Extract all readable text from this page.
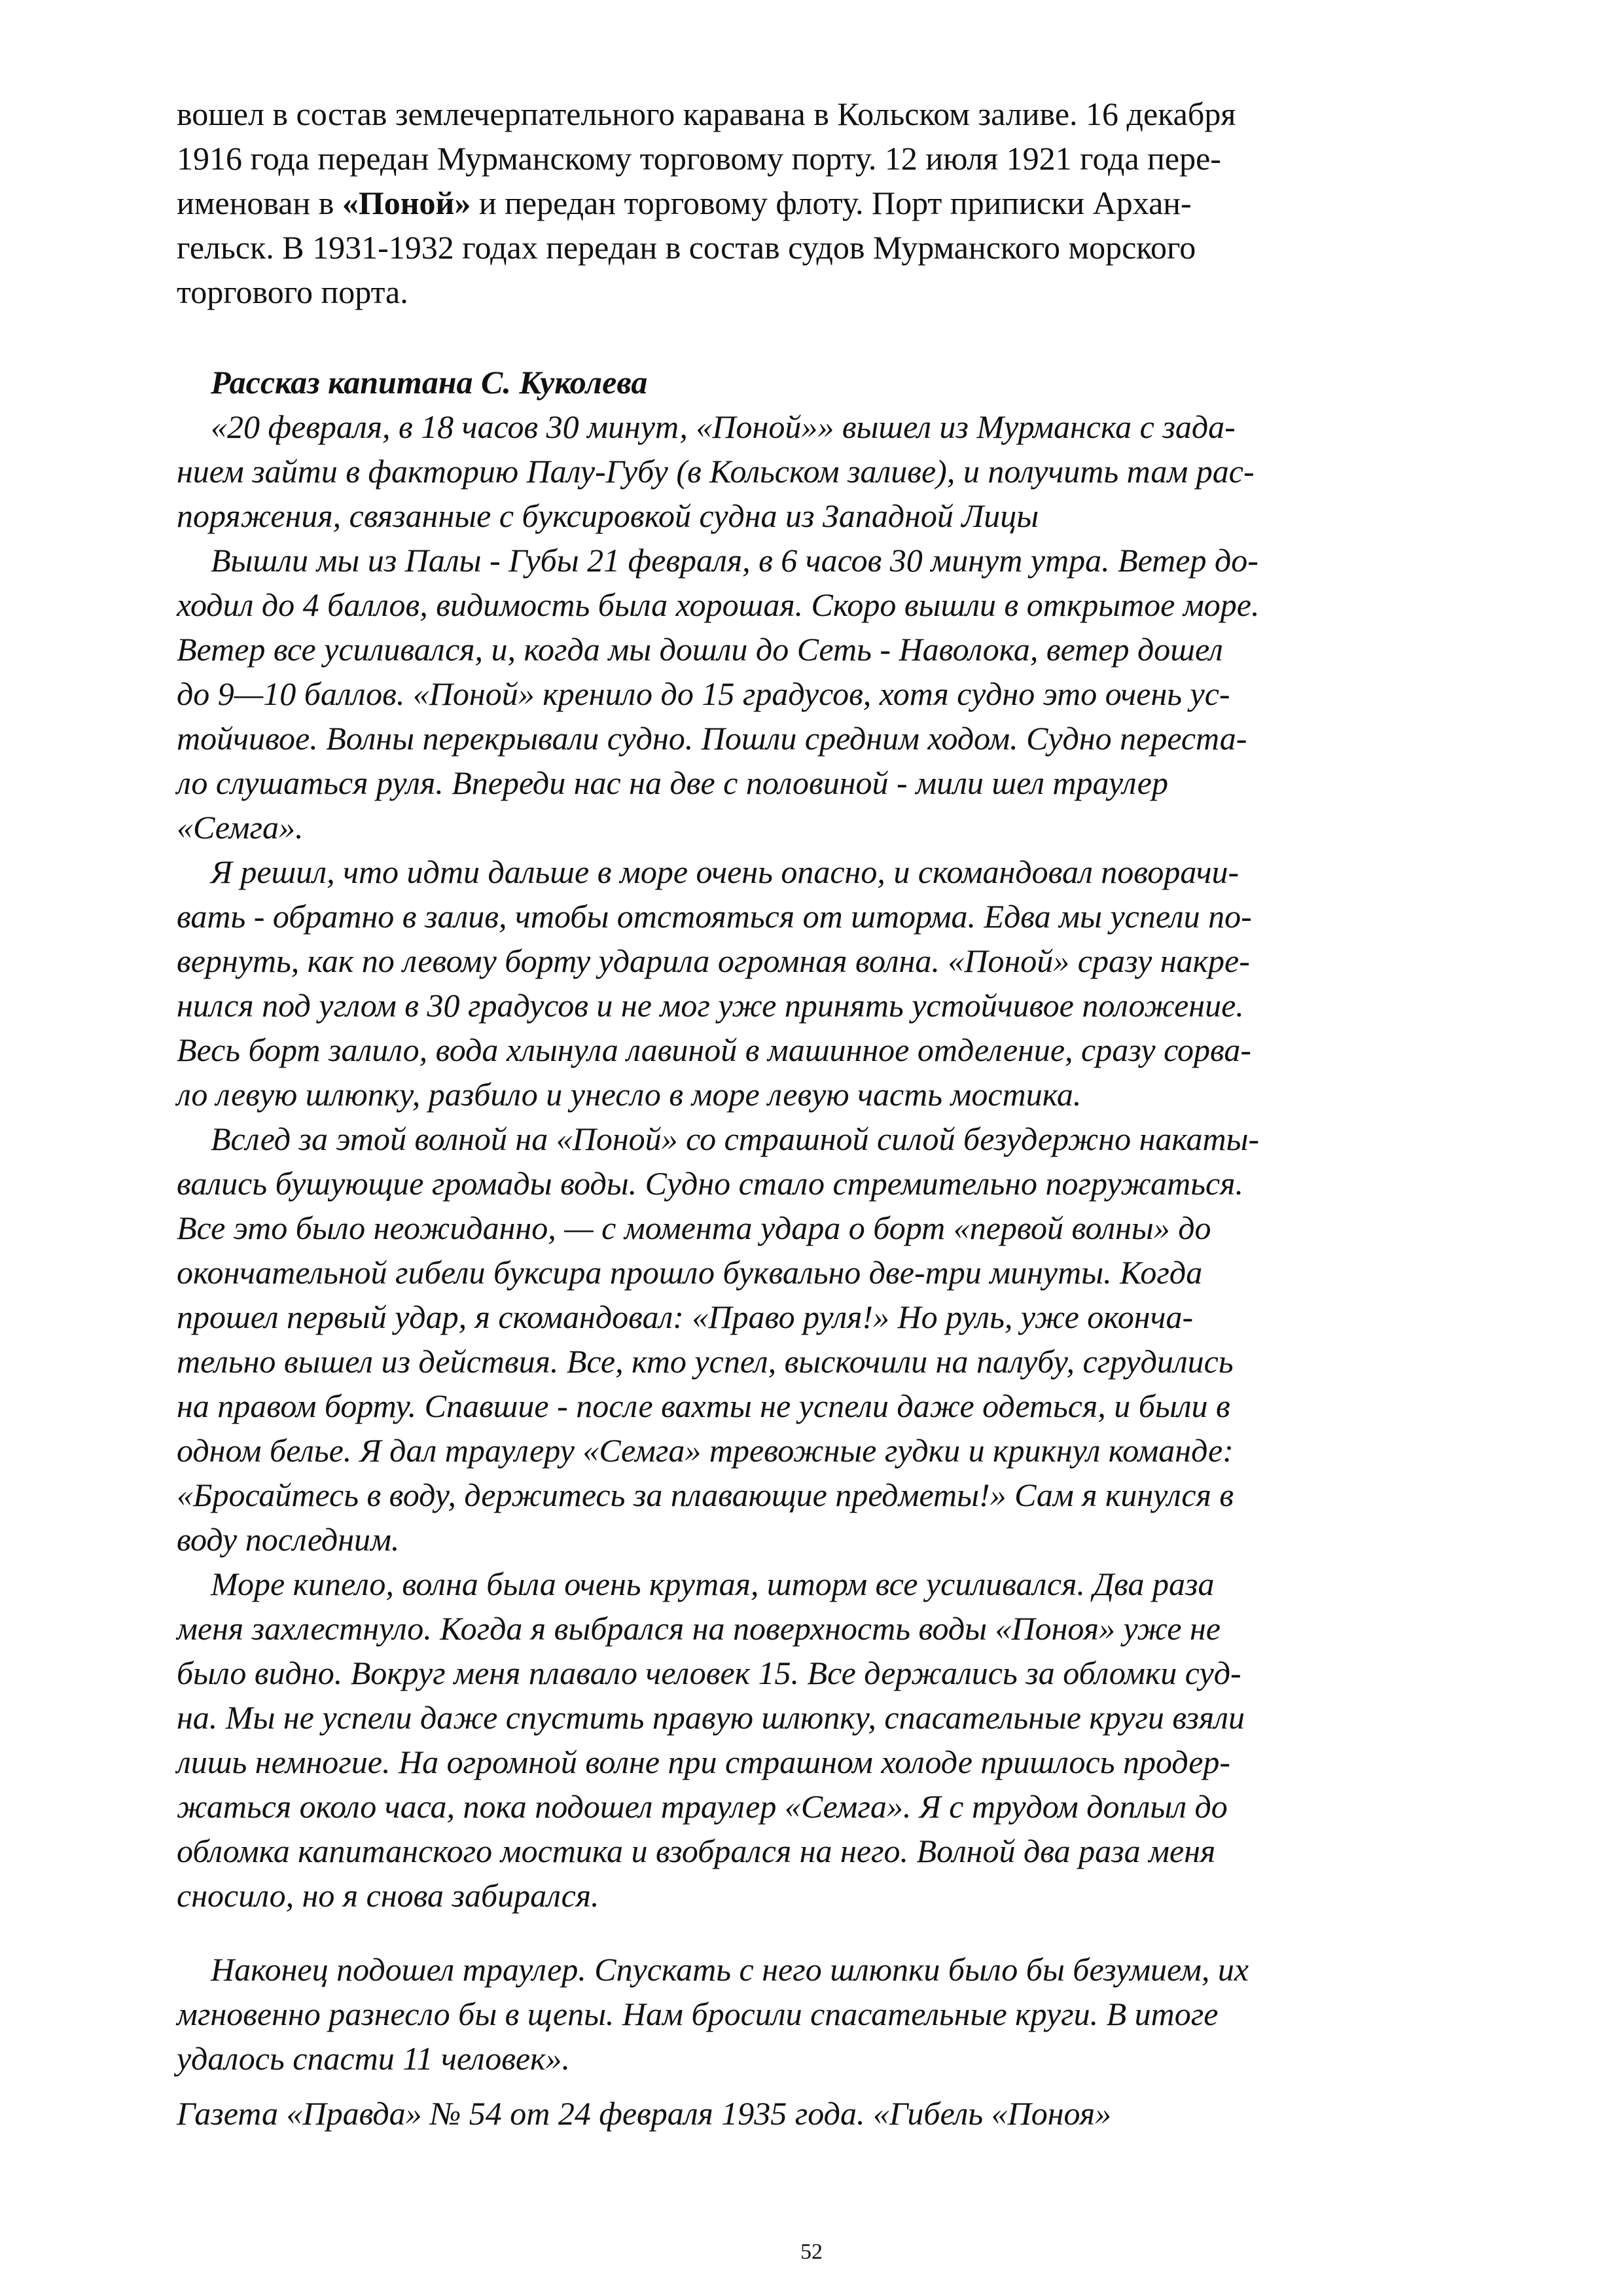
вошел в состав землечерпательного каравана в Кольском заливе. 16 декабря
1916 года передан Мурманскому торговому порту. 12 июля 1921 года пере-
именован в «Поной» и передан торговому флоту. Порт приписки Архан-
гельск. В 1931-1932 годах передан в состав судов Мурманского морского
торгового порта.
Рассказ капитана С. Куколева
«20 февраля, в 18 часов 30 минут, «Поной»» вышел из Мурманска с зада-
нием зайти в факторию Палу-Губу (в Кольском заливе), и получить там рас-
поряжения, связанные с буксировкой судна из Западной Лицы
Вышли мы из Палы - Губы 21 февраля, в 6 часов 30 минут утра. Ветер до-
ходил до 4 баллов, видимость была хорошая. Скоро вышли в открытое море.
Ветер все усиливался, и, когда мы дошли до Сеть - Наволока, ветер дошел
до 9—10 баллов. «Поной» кренило до 15 градусов, хотя судно это очень ус-
тойчивое. Волны перекрывали судно. Пошли средним ходом. Судно переста-
ло слушаться руля. Впереди нас на две с половиной - мили шел траулер
«Семга».
Я решил, что идти дальше в море очень опасно, и скомандовал поворачи-
вать - обратно в залив, чтобы отстояться от шторма. Едва мы успели по-
вернуть, как по левому борту ударила огромная волна. «Поной» сразу накре-
нился под углом в 30 градусов и не мог уже принять устойчивое положение.
Весь борт залило, вода хлынула лавиной в машинное отделение, сразу сорва-
ло левую шлюпку, разбило и унесло в море левую часть мостика.
Вслед за этой волной на «Поной» со страшной силой безудержно накаты-
вались бушующие громады воды. Судно стало стремительно погружаться.
Все это было неожиданно, — с момента удара о борт «первой волны» до
окончательной гибели буксира прошло буквально две-три минуты. Когда
прошел первый удар, я скомандовал: «Право руля!» Но руль, уже оконча-
тельно вышел из действия. Все, кто успел, выскочили на палубу, сгрудились
на правом борту. Спавшие - после вахты не успели даже одеться, и были в
одном белье. Я дал траулеру «Семга» тревожные гудки и крикнул команде:
«Бросайтесь в воду, держитесь за плавающие предметы!» Сам я кинулся в
воду последним.
Море кипело, волна была очень крутая, шторм все усиливался. Два раза
меня захлестнуло. Когда я выбрался на поверхность воды «Поноя» уже не
было видно. Вокруг меня плавало человек 15. Все держались за обломки суд-
на. Мы не успели даже спустить правую шлюпку, спасательные круги взяли
лишь немногие. На огромной волне при страшном холоде пришлось продер-
жаться около часа, пока подошел траулер «Семга». Я с трудом доплыл до
обломка капитанского мостика и взобрался на него. Волной два раза меня
сносило, но я снова забирался.
Наконец подошел траулер. Спускать с него шлюпки было бы безумием, их
мгновенно разнесло бы в щепы. Нам бросили спасательные круги. В итоге
удалось спасти 11 человек».
Газета «Правда» № 54 от 24 февраля 1935 года. «Гибель «Поноя»
52
